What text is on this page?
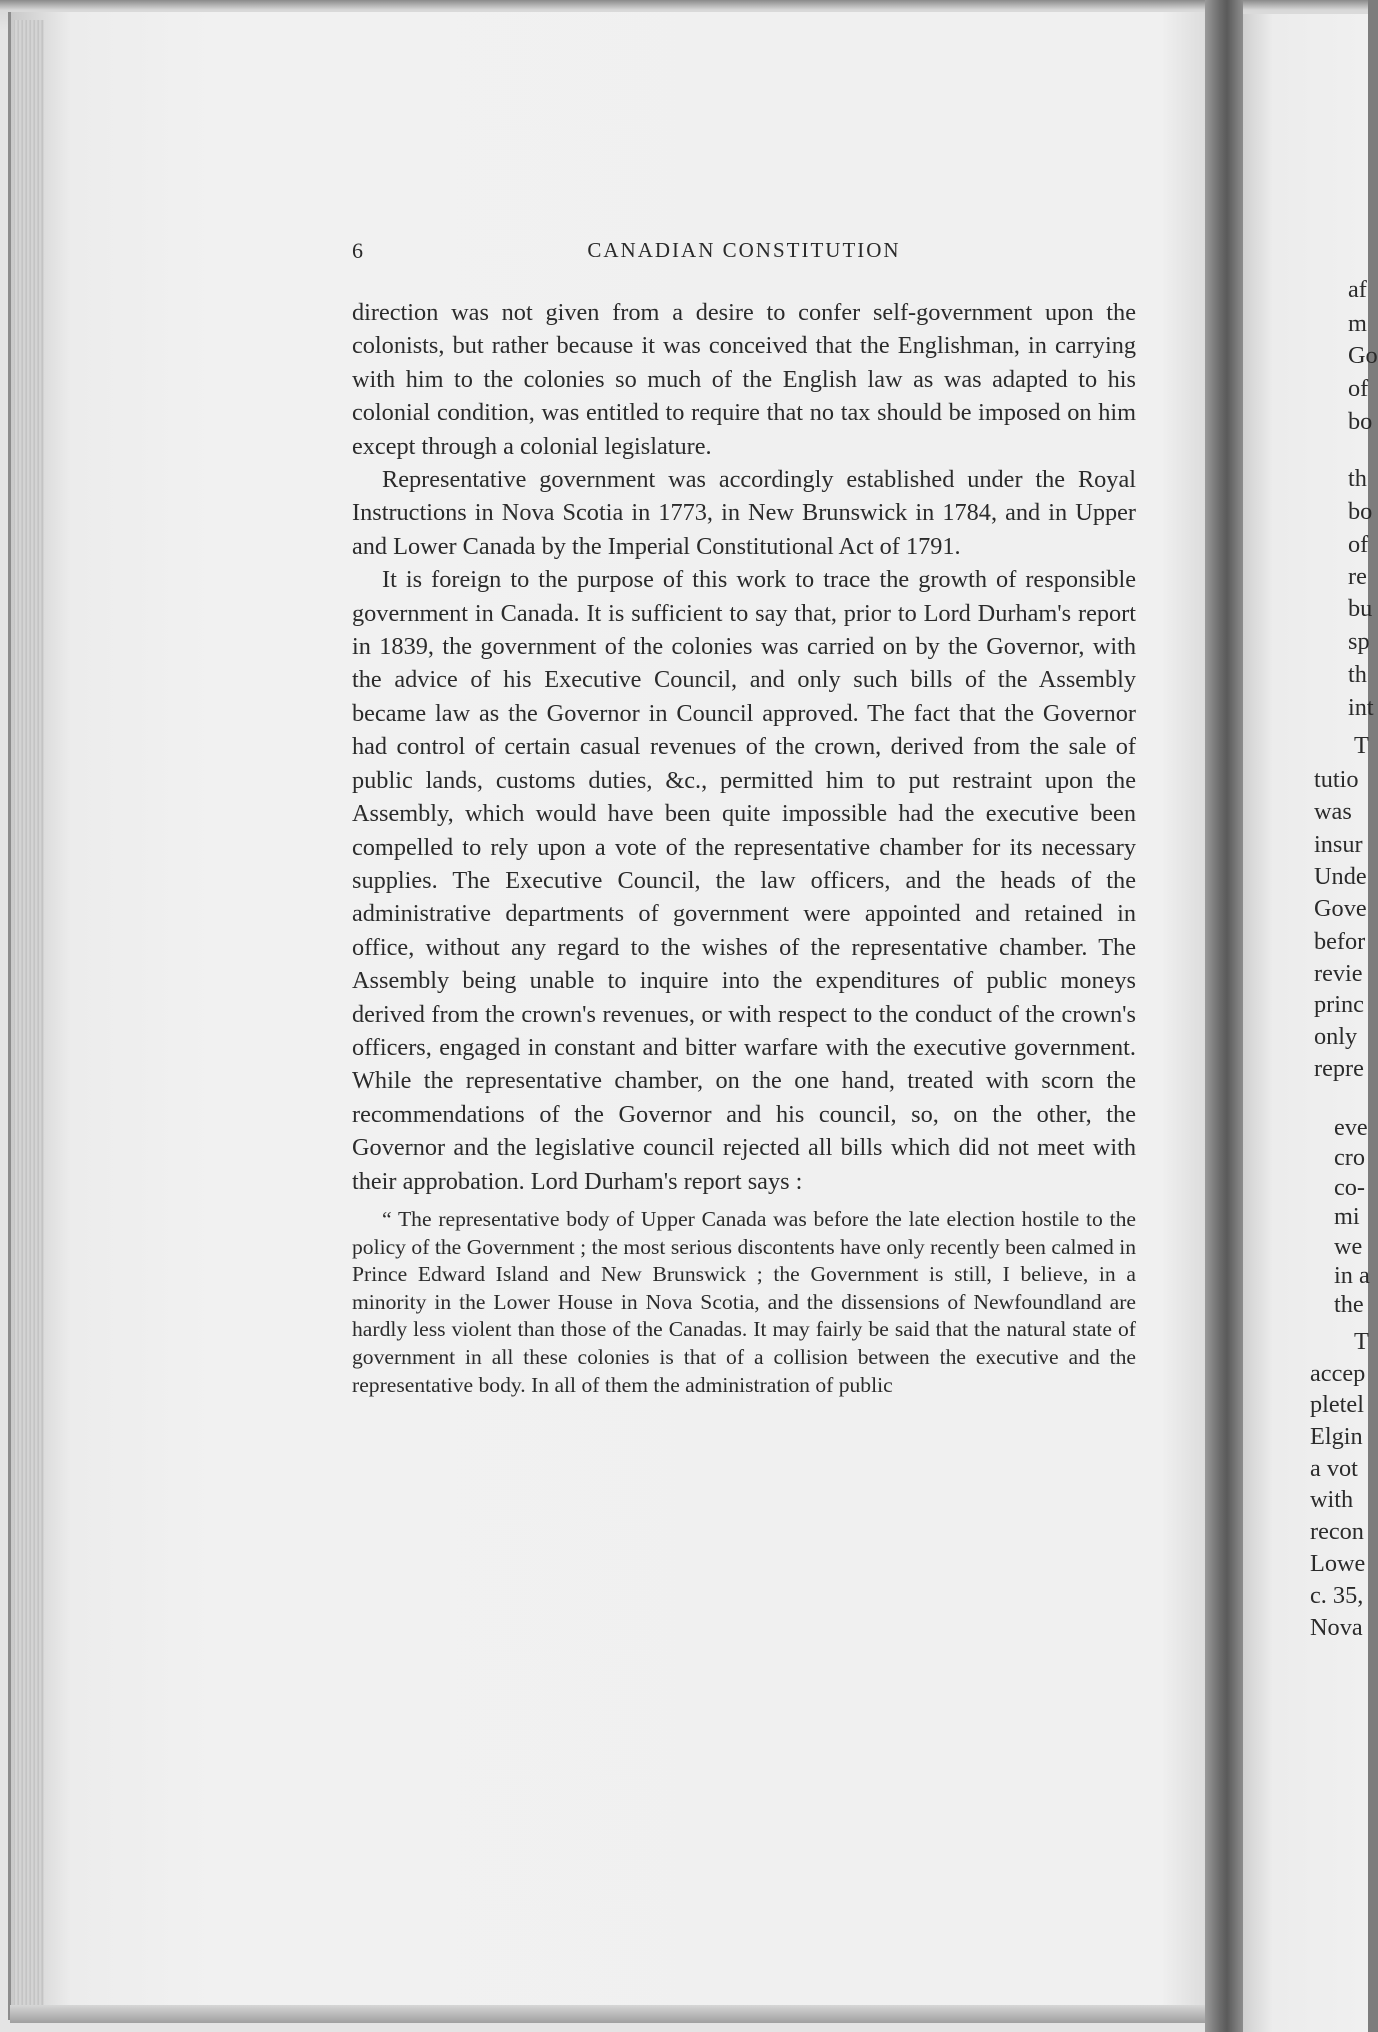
6	CANADIAN CONSTITUTION

direction was not given from a desire to confer self-government upon the colonists, but rather because it was conceived that the Englishman, in carrying with him to the colonies so much of the English law as was adapted to his colonial condition, was entitled to require that no tax should be imposed on him except through a colonial legislature.

Representative government was accordingly established under the Royal Instructions in Nova Scotia in 1773, in New Brunswick in 1784, and in Upper and Lower Canada by the Imperial Constitutional Act of 1791.

It is foreign to the purpose of this work to trace the growth of responsible government in Canada. It is sufficient to say that, prior to Lord Durham's report in 1839, the government of the colonies was carried on by the Governor, with the advice of his Executive Council, and only such bills of the Assembly became law as the Governor in Council approved. The fact that the Governor had control of certain casual revenues of the crown, derived from the sale of public lands, customs duties, &c., permitted him to put restraint upon the Assembly, which would have been quite impossible had the executive been compelled to rely upon a vote of the representative chamber for its necessary supplies. The Executive Council, the law officers, and the heads of the administrative departments of government were appointed and retained in office, without any regard to the wishes of the representative chamber. The Assembly being unable to inquire into the expenditures of public moneys derived from the crown's revenues, or with respect to the conduct of the crown's officers, engaged in constant and bitter warfare with the executive government. While the representative chamber, on the one hand, treated with scorn the recommendations of the Governor and his council, so, on the other, the Governor and the legislative council rejected all bills which did not meet with their approbation. Lord Durham's report says :

“ The representative body of Upper Canada was before the late election hostile to the policy of the Government ; the most serious discontents have only recently been calmed in Prince Edward Island and New Brunswick ; the Government is still, I believe, in a minority in the Lower House in Nova Scotia, and the dissensions of Newfoundland are hardly less violent than those of the Canadas. It may fairly be said that the natural state of government in all these colonies is that of a collision between the executive and the representative body. In all of them the administration of public

af
m
Go
of
bo
th
bo
of
re
bu
sp
th
int
T
tutio
was
insur
Unde
Gove
befor
revie
princ
only
repre
eve
cro
co-
mi
we
in a
the
T
accep
pletel
Elgin
a vot
with
recon
Lowe
c. 35,
Nova
